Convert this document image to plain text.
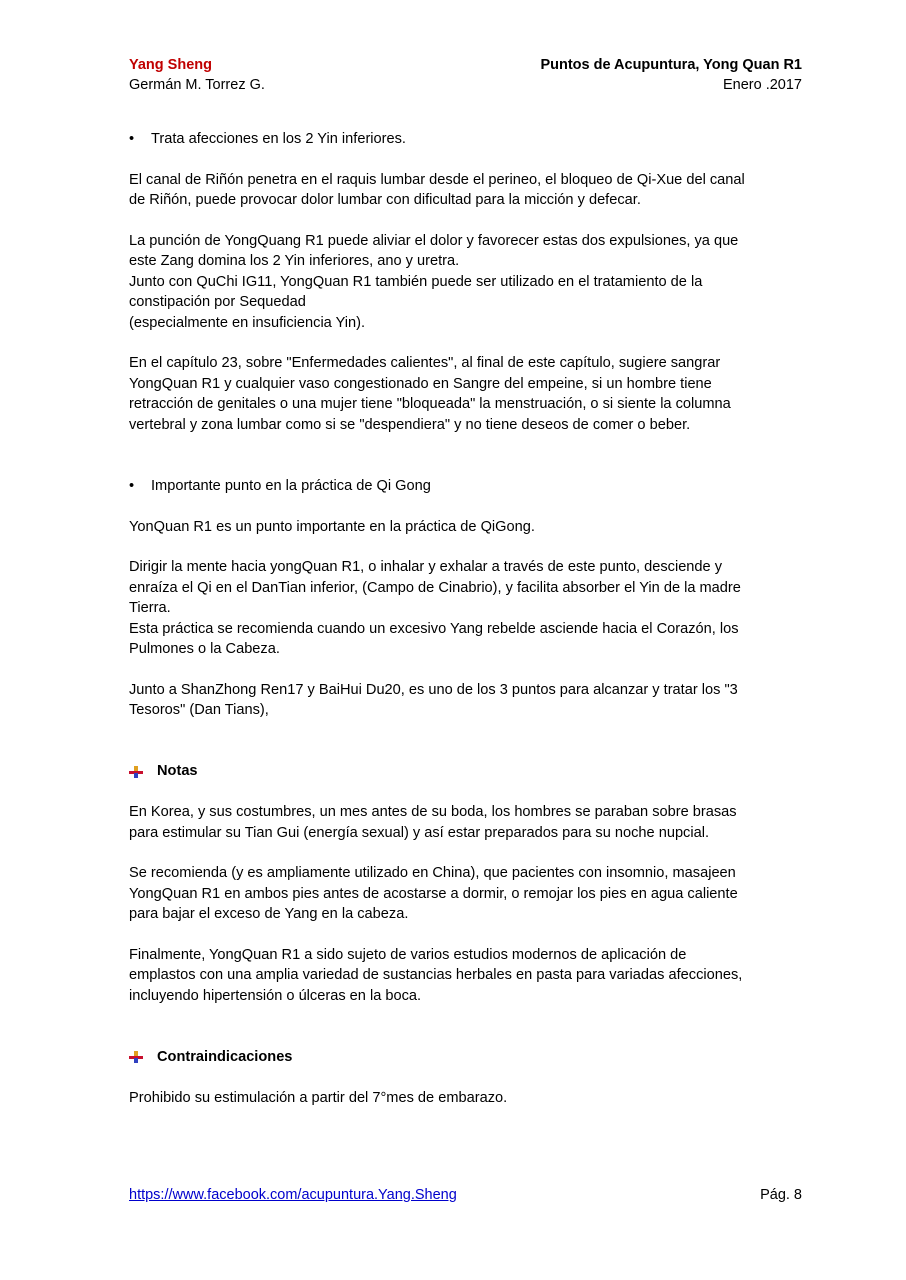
Yang Sheng	Puntos de Acupuntura, Yong Quan R1
Germán M. Torrez G.	Enero .2017
•	Trata afecciones en los 2 Yin inferiores.

El canal de Riñón penetra en el raquis lumbar desde el perineo, el bloqueo de Qi-Xue del canal

de Riñón, puede provocar dolor lumbar con dificultad para la micción y defecar.

La punción de YongQuang R1 puede aliviar el dolor y favorecer estas dos expulsiones, ya que

este Zang domina los 2 Yin inferiores, ano y uretra.

Junto con QuChi IG11, YongQuan R1 también puede ser utilizado en el tratamiento de la

constipación por Sequedad

(especialmente en insuficiencia Yin).

En el capítulo 23, sobre "Enfermedades calientes", al final de este capítulo, sugiere sangrar

YongQuan R1 y cualquier vaso congestionado en Sangre del empeine, si un hombre tiene

retracción de genitales o una mujer tiene "bloqueada" la menstruación, o si siente la columna

vertebral y zona lumbar como si se "despendiera" y no tiene deseos de comer o beber.

•	Importante punto en la práctica de Qi Gong

YonQuan R1 es un punto importante en la práctica de QiGong.

Dirigir la mente hacia yongQuan R1, o inhalar y exhalar a través de este punto, desciende y

enraíza el Qi en el DanTian inferior, (Campo de Cinabrio), y facilita absorber el Yin de la madre

Tierra.

Esta práctica se recomienda cuando un excesivo Yang rebelde asciende hacia el Corazón, los

Pulmones o la Cabeza.

Junto a ShanZhong Ren17 y BaiHui Du20, es uno de los 3 puntos para alcanzar y tratar los "3

Tesoros" (Dan Tians),

Notas

En Korea, y sus costumbres, un mes antes de su boda, los hombres se paraban sobre brasas

para estimular su Tian Gui (energía sexual) y así estar preparados para su noche nupcial.

Se recomienda (y es ampliamente utilizado en China), que pacientes con insomnio, masajeen

YongQuan R1 en ambos pies antes de acostarse a dormir, o remojar los pies en agua caliente

para bajar el exceso de Yang en la cabeza.

Finalmente, YongQuan R1 a sido sujeto de varios estudios modernos de aplicación de

emplastos con una amplia variedad de sustancias herbales en pasta para variadas afecciones,

incluyendo hipertensión o úlceras en la boca.

Contraindicaciones

Prohibido su estimulación a partir del 7°mes de embarazo.

https://www.facebook.com/acupuntura.Yang.Sheng	Pág. 8
